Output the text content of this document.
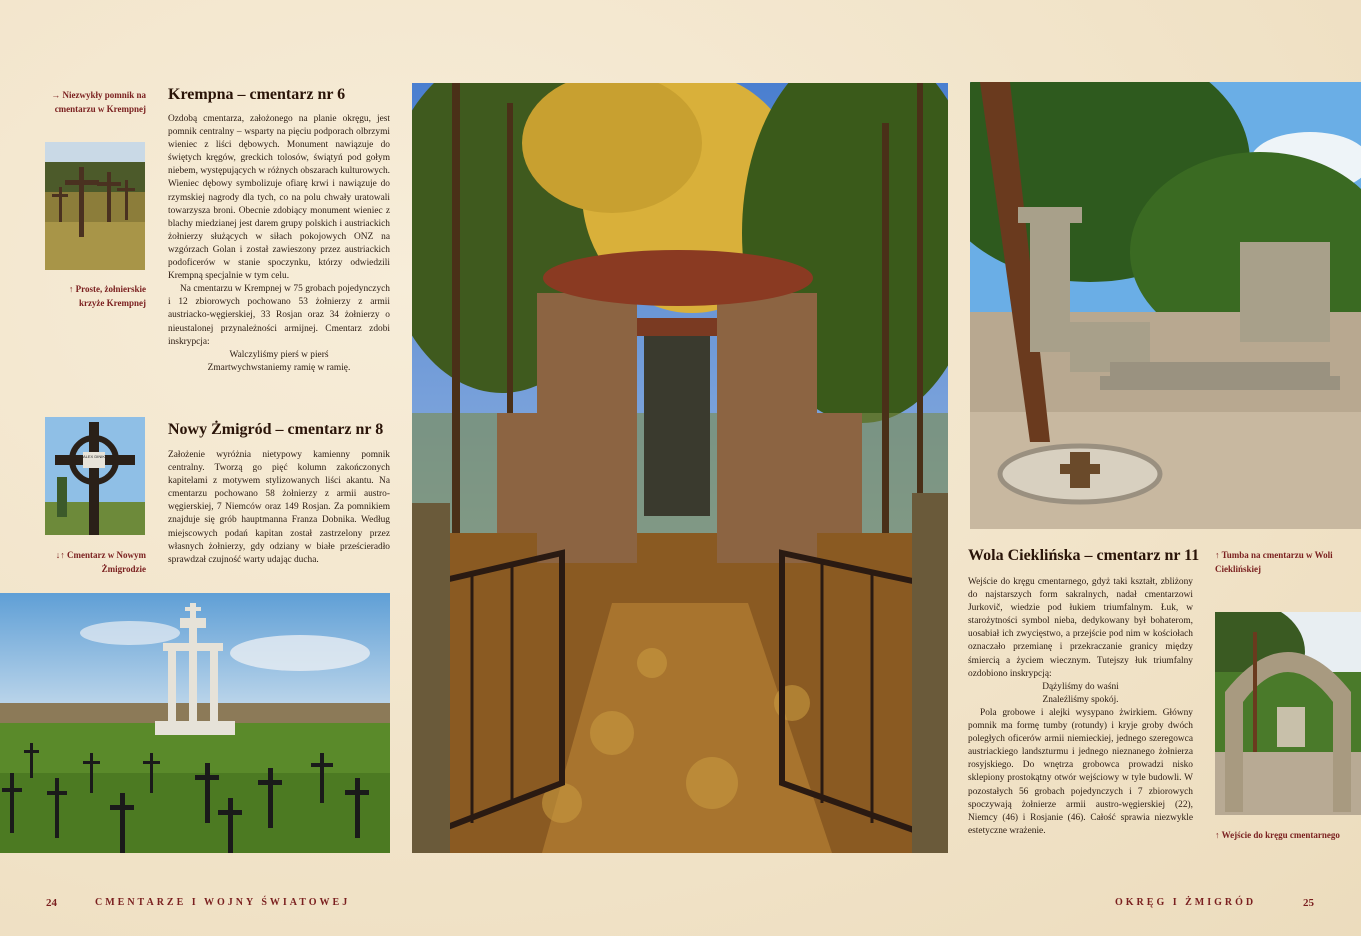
→ Niezwykły pomnik na cmentarzu w Krempnej
↑ Proste, żołnierskie krzyże Krempnej
Krempna – cmentarz nr 6

Ozdobą cmentarza, założonego na planie okręgu, jest pomnik centralny – wsparty na pięciu podporach olbrzymi wieniec z liści dębowych. Monument nawiązuje do świętych kręgów, greckich tolosów, świątyń pod gołym niebem, występujących w różnych obszarach kulturowych. Wieniec dębowy symbolizuje ofiarę krwi i nawiązuje do rzymskiej nagrody dla tych, co na polu chwały uratowali towarzysza broni. Obecnie zdobiący monument wieniec z blachy miedzianej jest darem grupy polskich i austriackich żołnierzy służących w siłach pokojowych ONZ na wzgórzach Golan i został zawieszony przez austriackich podoficerów w stanie spoczynku, którzy odwiedzili Krempną specjalnie w tym celu.

Na cmentarzu w Krempnej w 75 grobach pojedynczych i 12 zbiorowych pochowano 53 żołnierzy z armii austriacko-węgierskiej, 33 Rosjan oraz 34 żołnierzy o nieustalonej przynależności armijnej. Cmentarz zdobi inskrypcja:

Walczyliśmy pierś w pierś

Zmartwychwstaniemy ramię w ramię.

ALEX DINIK
↓↑ Cmentarz w Nowym Żmigrodzie
Nowy Żmigród – cmentarz nr 8

Założenie wyróżnia nietypowy kamienny pomnik centralny. Tworzą go pięć kolumn zakończonych kapitelami z motywem stylizowanych liści akantu. Na cmentarzu pochowano 58 żołnierzy z armii austro-węgierskiej, 7 Niemców oraz 149 Rosjan. Za pomnikiem znajduje się grób hauptmanna Franza Dobnika. Według miejscowych podań kapitan został zastrzelony przez własnych żołnierzy, gdy odziany w białe prześcieradło sprawdzał czujność warty udając ducha.

24	CMENTARZE I WOJNY ŚWIATOWEJ
Wola Cieklińska – cmentarz nr 11 ↑ Tumba na cmentarzu w Woli Cieklińskiej

Wejście do kręgu cmentarnego, gdyż taki kształt, zbliżony do najstarszych form sakralnych, nadał cmentarzowi Jurkovič, wiedzie pod łukiem triumfalnym. Łuk, w starożytności symbol nieba, dedykowany był bohaterom, uosabiał ich zwycięstwo, a przejście pod nim w kościołach oznaczało przemianę i przekraczanie granicy między śmiercią a życiem wiecznym. Tutejszy łuk triumfalny ozdobiono inskrypcją:

Dążyliśmy do waśni

Znaleźliśmy spokój.

Pola grobowe i alejki wysypano żwirkiem. Główny pomnik ma formę tumby (rotundy) i kryje groby dwóch poległych oficerów armii niemieckiej, jednego szeregowca austriackiego landszturmu i jednego nieznanego żołnierza rosyjskiego. Do wnętrza grobowca prowadzi nisko sklepiony prostokątny otwór wejściowy w tyle budowli. W pozostałych 56 grobach pojedynczych i 7 zbiorowych spoczywają żołnierze armii austro-węgierskiej (22), Niemcy (46) i Rosjanie (46). Całość sprawia niezwykle estetyczne wrażenie.	↑ Wejście do kręgu cmentarnego
OKRĘG I ŻMIGRÓD	25
